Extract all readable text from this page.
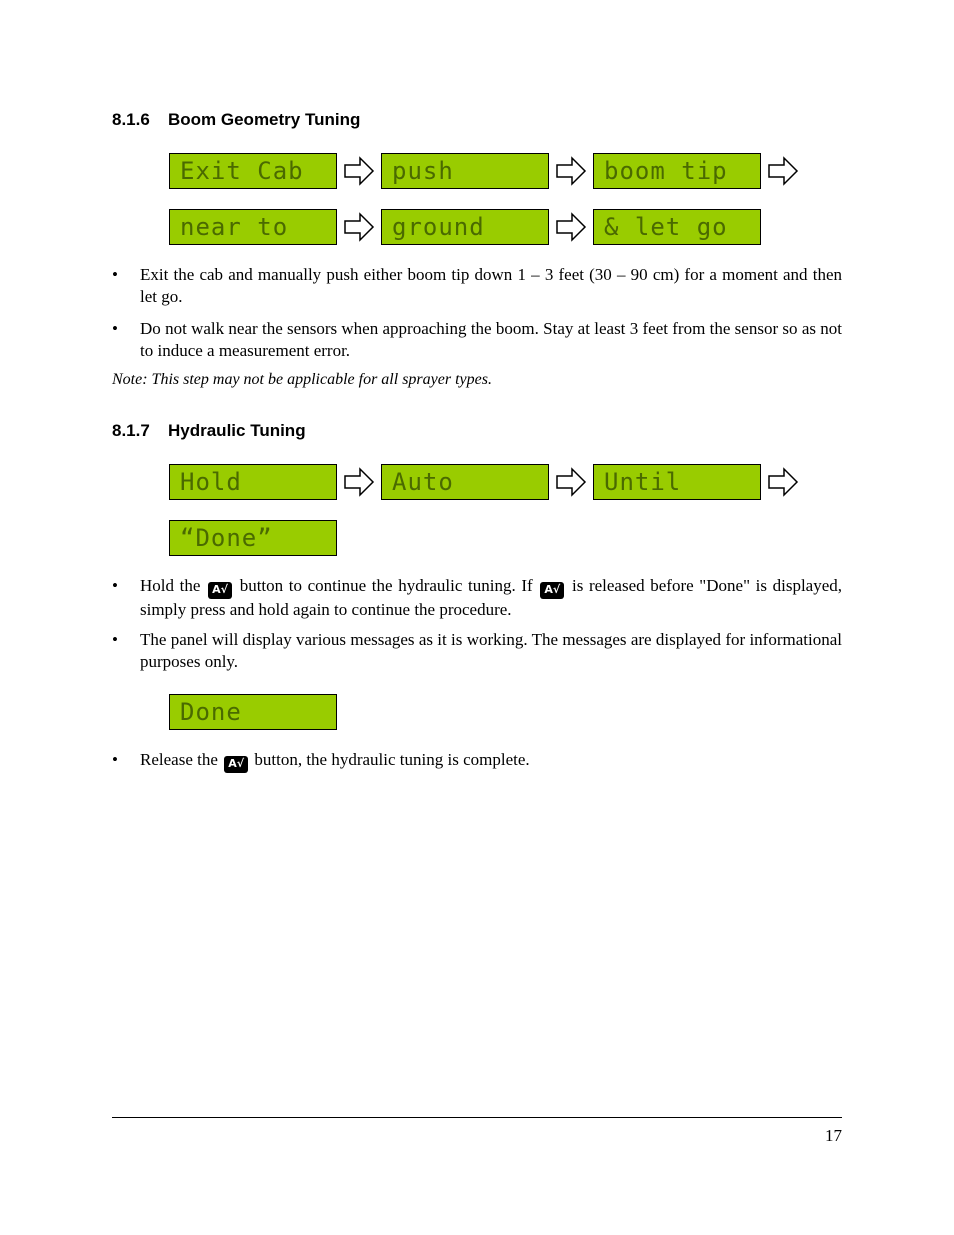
8.1.6 Boom Geometry Tuning
Exit Cab	push	boom tip
near to	ground	& let go
•	Exit the cab and manually push either boom tip down 1 – 3 feet (30 – 90 cm) for a moment and then let go.
•	Do not walk near the sensors when approaching the boom. Stay at least 3 feet from the sensor so as not to induce a measurement error.
Note: This step may not be applicable for all sprayer types.
8.1.7 Hydraulic Tuning
Hold	Auto	Until
“Done”
•	Hold the A√ button to continue the hydraulic tuning. If A√ is released before "Done" is displayed, simply press and hold again to continue the procedure.
•	The panel will display various messages as it is working. The messages are displayed for informational purposes only.
Done
•	Release the A√ button, the hydraulic tuning is complete.
17
